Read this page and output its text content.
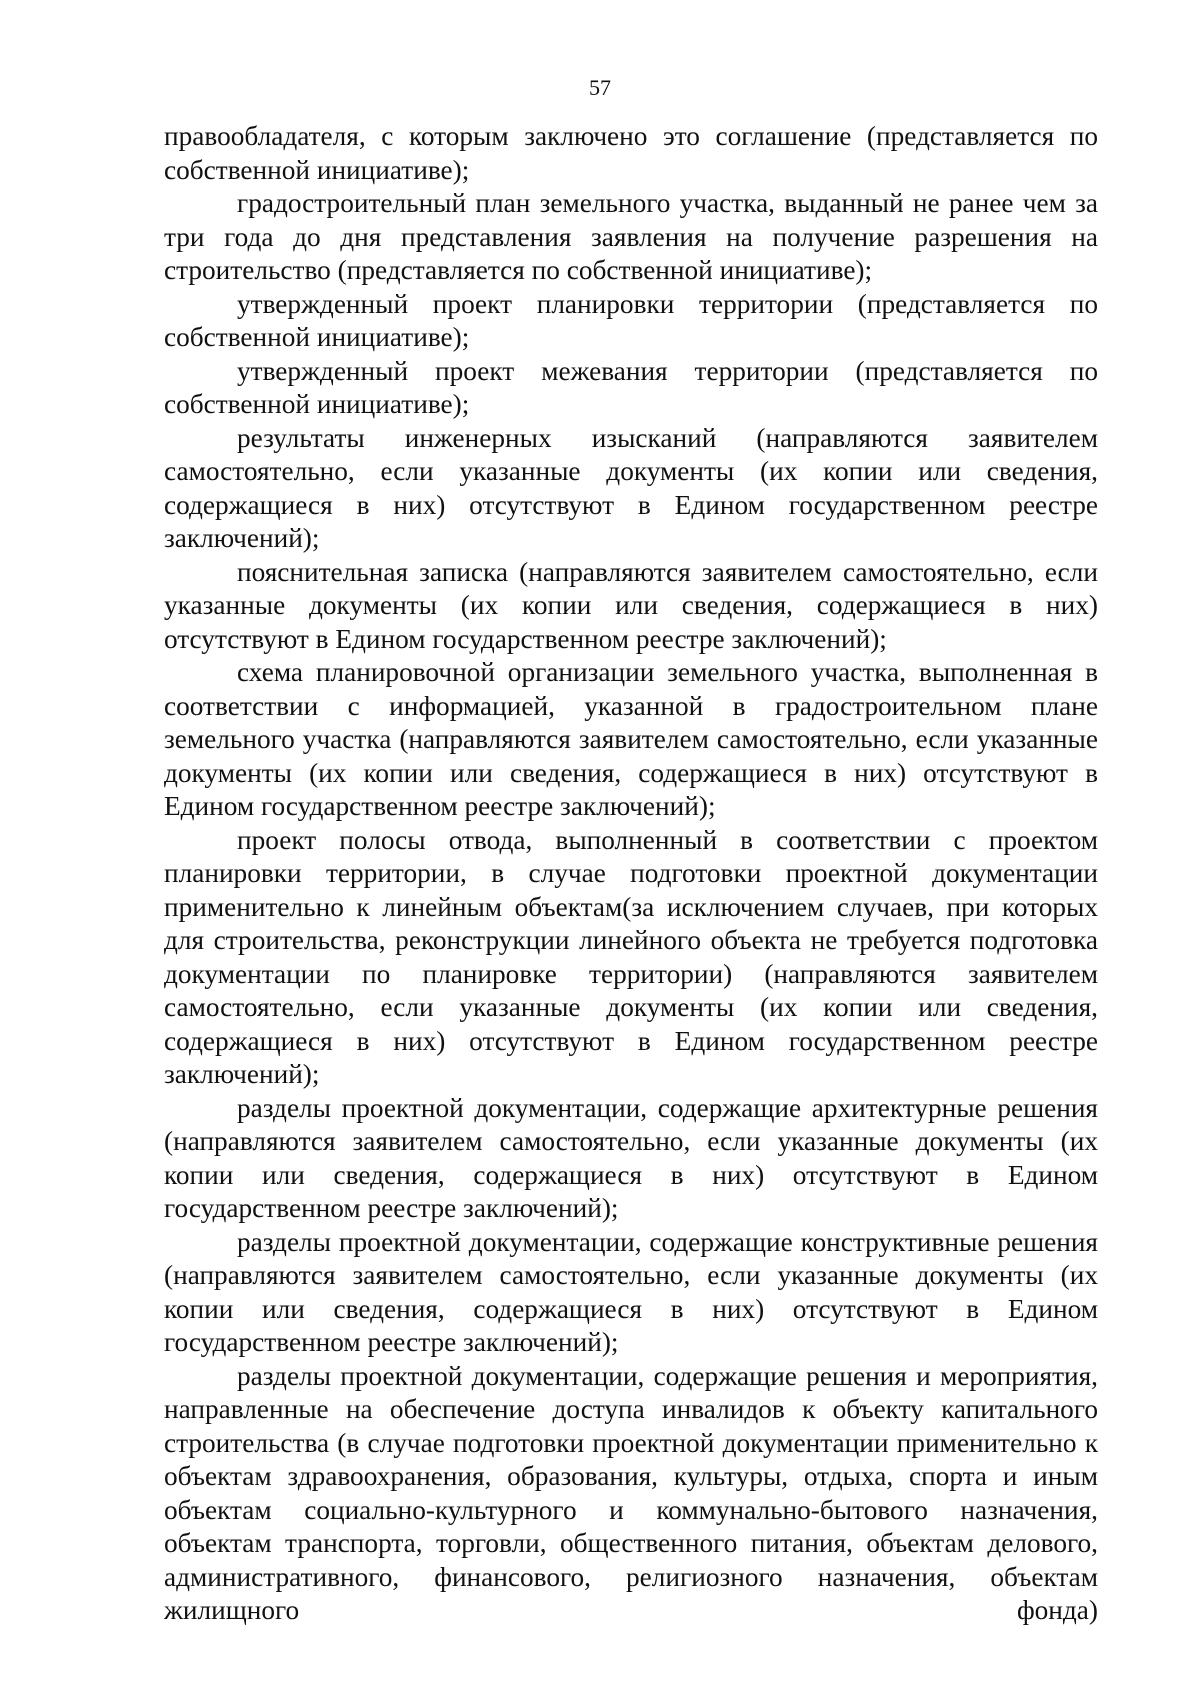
57

правообладателя, с которым заключено это соглашение (представляется по собственной инициативе);

градостроительный план земельного участка, выданный не ранее чем за три года до дня представления заявления на получение разрешения на строительство (представляется по собственной инициативе);

утвержденный проект планировки территории (представляется по собственной инициативе);

утвержденный проект межевания территории (представляется по собственной инициативе);

результаты инженерных изысканий (направляются заявителем самостоятельно, если указанные документы (их копии или сведения, содержащиеся в них) отсутствуют в Едином государственном реестре заключений);

пояснительная записка (направляются заявителем самостоятельно, если указанные документы (их копии или сведения, содержащиеся в них) отсутствуют в Едином государственном реестре заключений);

схема планировочной организации земельного участка, выполненная в соответствии с информацией, указанной в градостроительном плане земельного участка (направляются заявителем самостоятельно, если указанные документы (их копии или сведения, содержащиеся в них) отсутствуют в Едином государственном реестре заключений);

проект полосы отвода, выполненный в соответствии с проектом планировки территории, в случае подготовки проектной документации применительно к линейным объектам(за исключением случаев, при которых для строительства, реконструкции линейного объекта не требуется подготовка документации по планировке территории) (направляются заявителем самостоятельно, если указанные документы (их копии или сведения, содержащиеся в них) отсутствуют в Едином государственном реестре заключений);

разделы проектной документации, содержащие архитектурные решения (направляются заявителем самостоятельно, если указанные документы (их копии или сведения, содержащиеся в них) отсутствуют в Едином государственном реестре заключений);

разделы проектной документации, содержащие конструктивные решения (направляются заявителем самостоятельно, если указанные документы (их копии или сведения, содержащиеся в них) отсутствуют в Едином государственном реестре заключений);

разделы проектной документации, содержащие решения и мероприятия, направленные на обеспечение доступа инвалидов к объекту капитального строительства (в случае подготовки проектной документации применительно к объектам здравоохранения, образования, культуры, отдыха, спорта и иным объектам социально-культурного и коммунально-бытового назначения, объектам транспорта, торговли, общественного питания, объектам делового, административного, финансового, религиозного назначения, объектам жилищного фонда)
